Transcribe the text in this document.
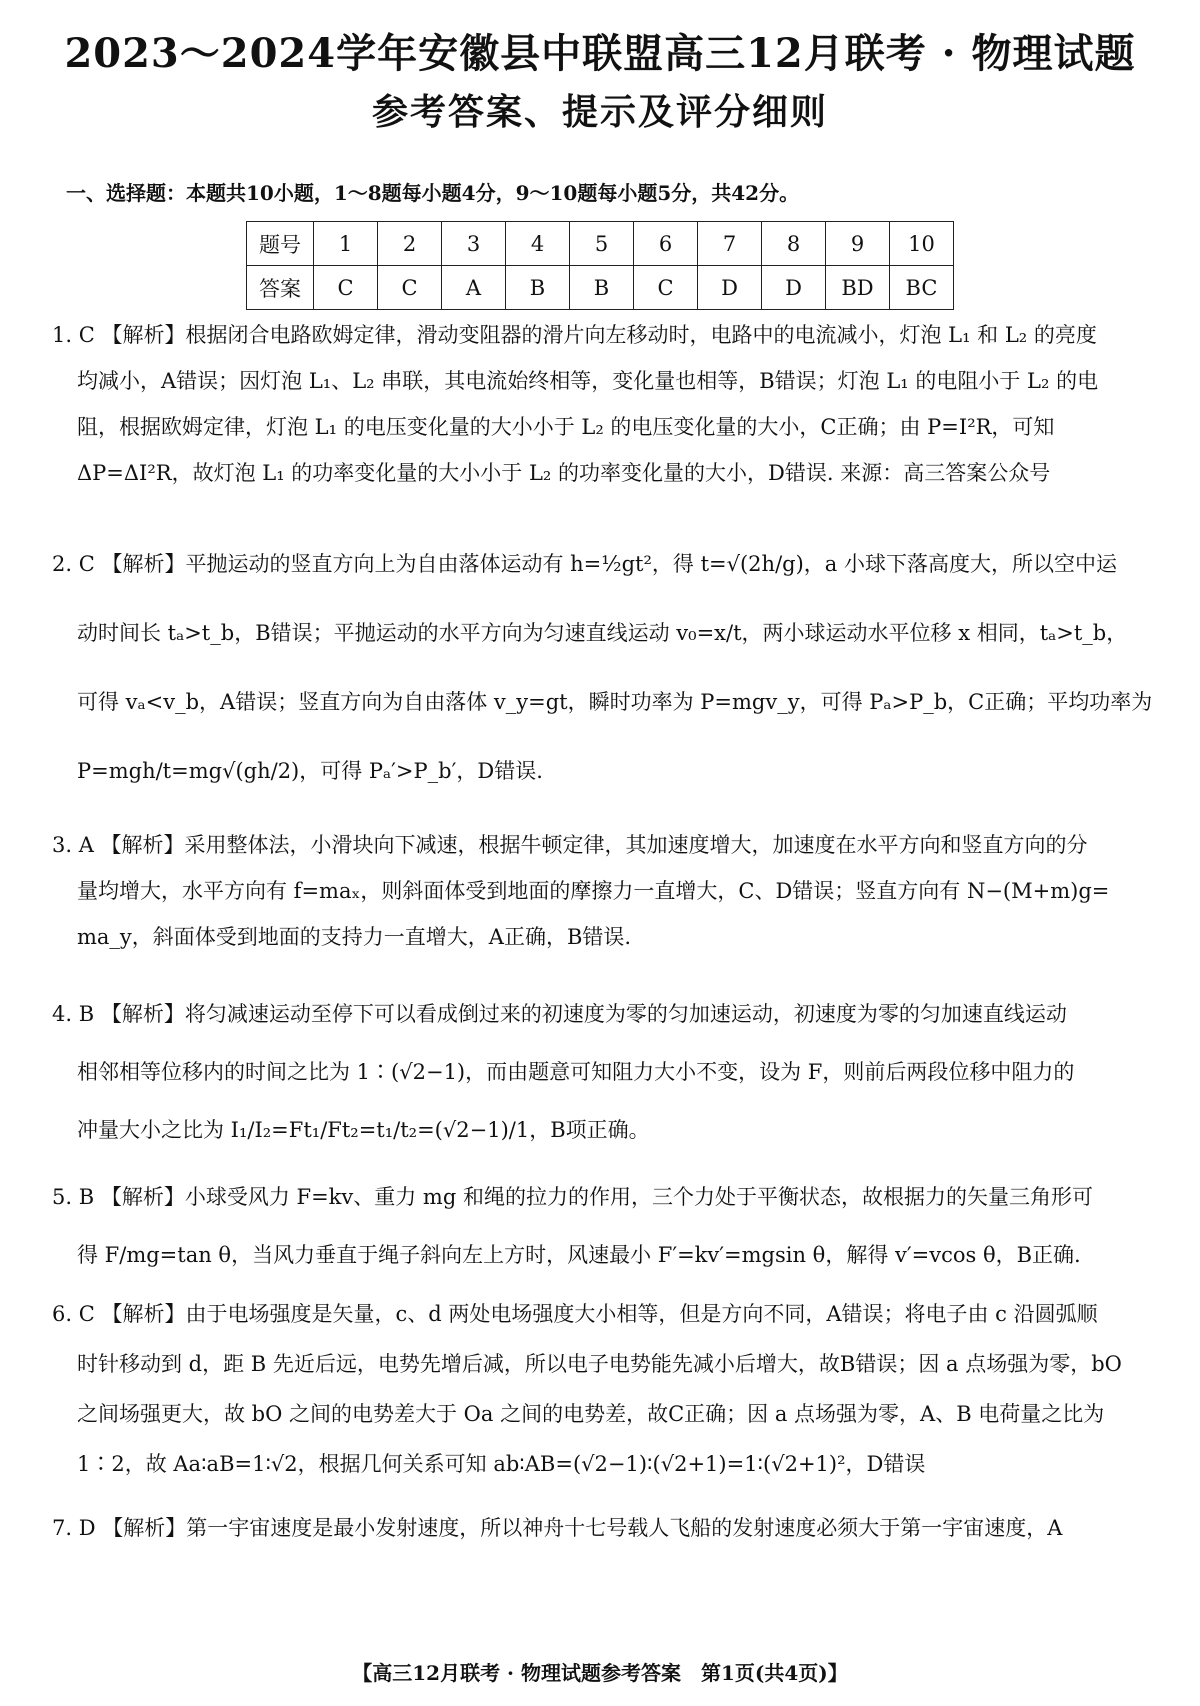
2023～2024学年安徽县中联盟高三12月联考 · 物理试题
参考答案、提示及评分细则
一、选择题：本题共10小题，1～8题每小题4分，9～10题每小题5分，共42分。
题号	1	2	3	4	5	6	7	8	9	10
答案	C	C	A	B	B	C	D	D	BD	BC
1. C 【解析】根据闭合电路欧姆定律，滑动变阻器的滑片向左移动时，电路中的电流减小，灯泡 L₁ 和 L₂ 的亮度
均减小，A错误；因灯泡 L₁、L₂ 串联，其电流始终相等，变化量也相等，B错误；灯泡 L₁ 的电阻小于 L₂ 的电
阻，根据欧姆定律，灯泡 L₁ 的电压变化量的大小小于 L₂ 的电压变化量的大小，C正确；由 P=I²R，可知
ΔP=ΔI²R，故灯泡 L₁ 的功率变化量的大小小于 L₂ 的功率变化量的大小，D错误. 来源：高三答案公众号
2. C 【解析】平抛运动的竖直方向上为自由落体运动有 h=½gt²，得 t=√(2h/g)，a 小球下落高度大，所以空中运
动时间长 tₐ>t_b，B错误；平抛运动的水平方向为匀速直线运动 v₀=x/t，两小球运动水平位移 x 相同，tₐ>t_b，
可得 vₐ<v_b，A错误；竖直方向为自由落体 v_y=gt，瞬时功率为 P=mgv_y，可得 Pₐ>P_b，C正确；平均功率为
P=mgh/t=mg√(gh/2)，可得 Pₐ′>P_b′，D错误.
3. A 【解析】采用整体法，小滑块向下减速，根据牛顿定律，其加速度增大，加速度在水平方向和竖直方向的分
量均增大，水平方向有 f=maₓ，则斜面体受到地面的摩擦力一直增大，C、D错误；竖直方向有 N−(M+m)g=
ma_y，斜面体受到地面的支持力一直增大，A正确，B错误.
4. B 【解析】将匀减速运动至停下可以看成倒过来的初速度为零的匀加速运动，初速度为零的匀加速直线运动
相邻相等位移内的时间之比为 1∶(√2−1)，而由题意可知阻力大小不变，设为 F，则前后两段位移中阻力的
冲量大小之比为 I₁/I₂=Ft₁/Ft₂=t₁/t₂=(√2−1)/1，B项正确。
5. B 【解析】小球受风力 F=kv、重力 mg 和绳的拉力的作用，三个力处于平衡状态，故根据力的矢量三角形可
得 F/mg=tan θ，当风力垂直于绳子斜向左上方时，风速最小 F′=kv′=mgsin θ，解得 v′=vcos θ，B正确.
6. C 【解析】由于电场强度是矢量，c、d 两处电场强度大小相等，但是方向不同，A错误；将电子由 c 沿圆弧顺
时针移动到 d，距 B 先近后远，电势先增后减，所以电子电势能先减小后增大，故B错误；因 a 点场强为零，bO
之间场强更大，故 bO 之间的电势差大于 Oa 之间的电势差，故C正确；因 a 点场强为零，A、B 电荷量之比为
1∶2，故 Aa∶aB=1∶√2，根据几何关系可知 ab∶AB=(√2−1)∶(√2+1)=1∶(√2+1)²，D错误
7. D 【解析】第一宇宙速度是最小发射速度，所以神舟十七号载人飞船的发射速度必须大于第一宇宙速度，A
【高三12月联考 · 物理试题参考答案　第1页(共4页)】
